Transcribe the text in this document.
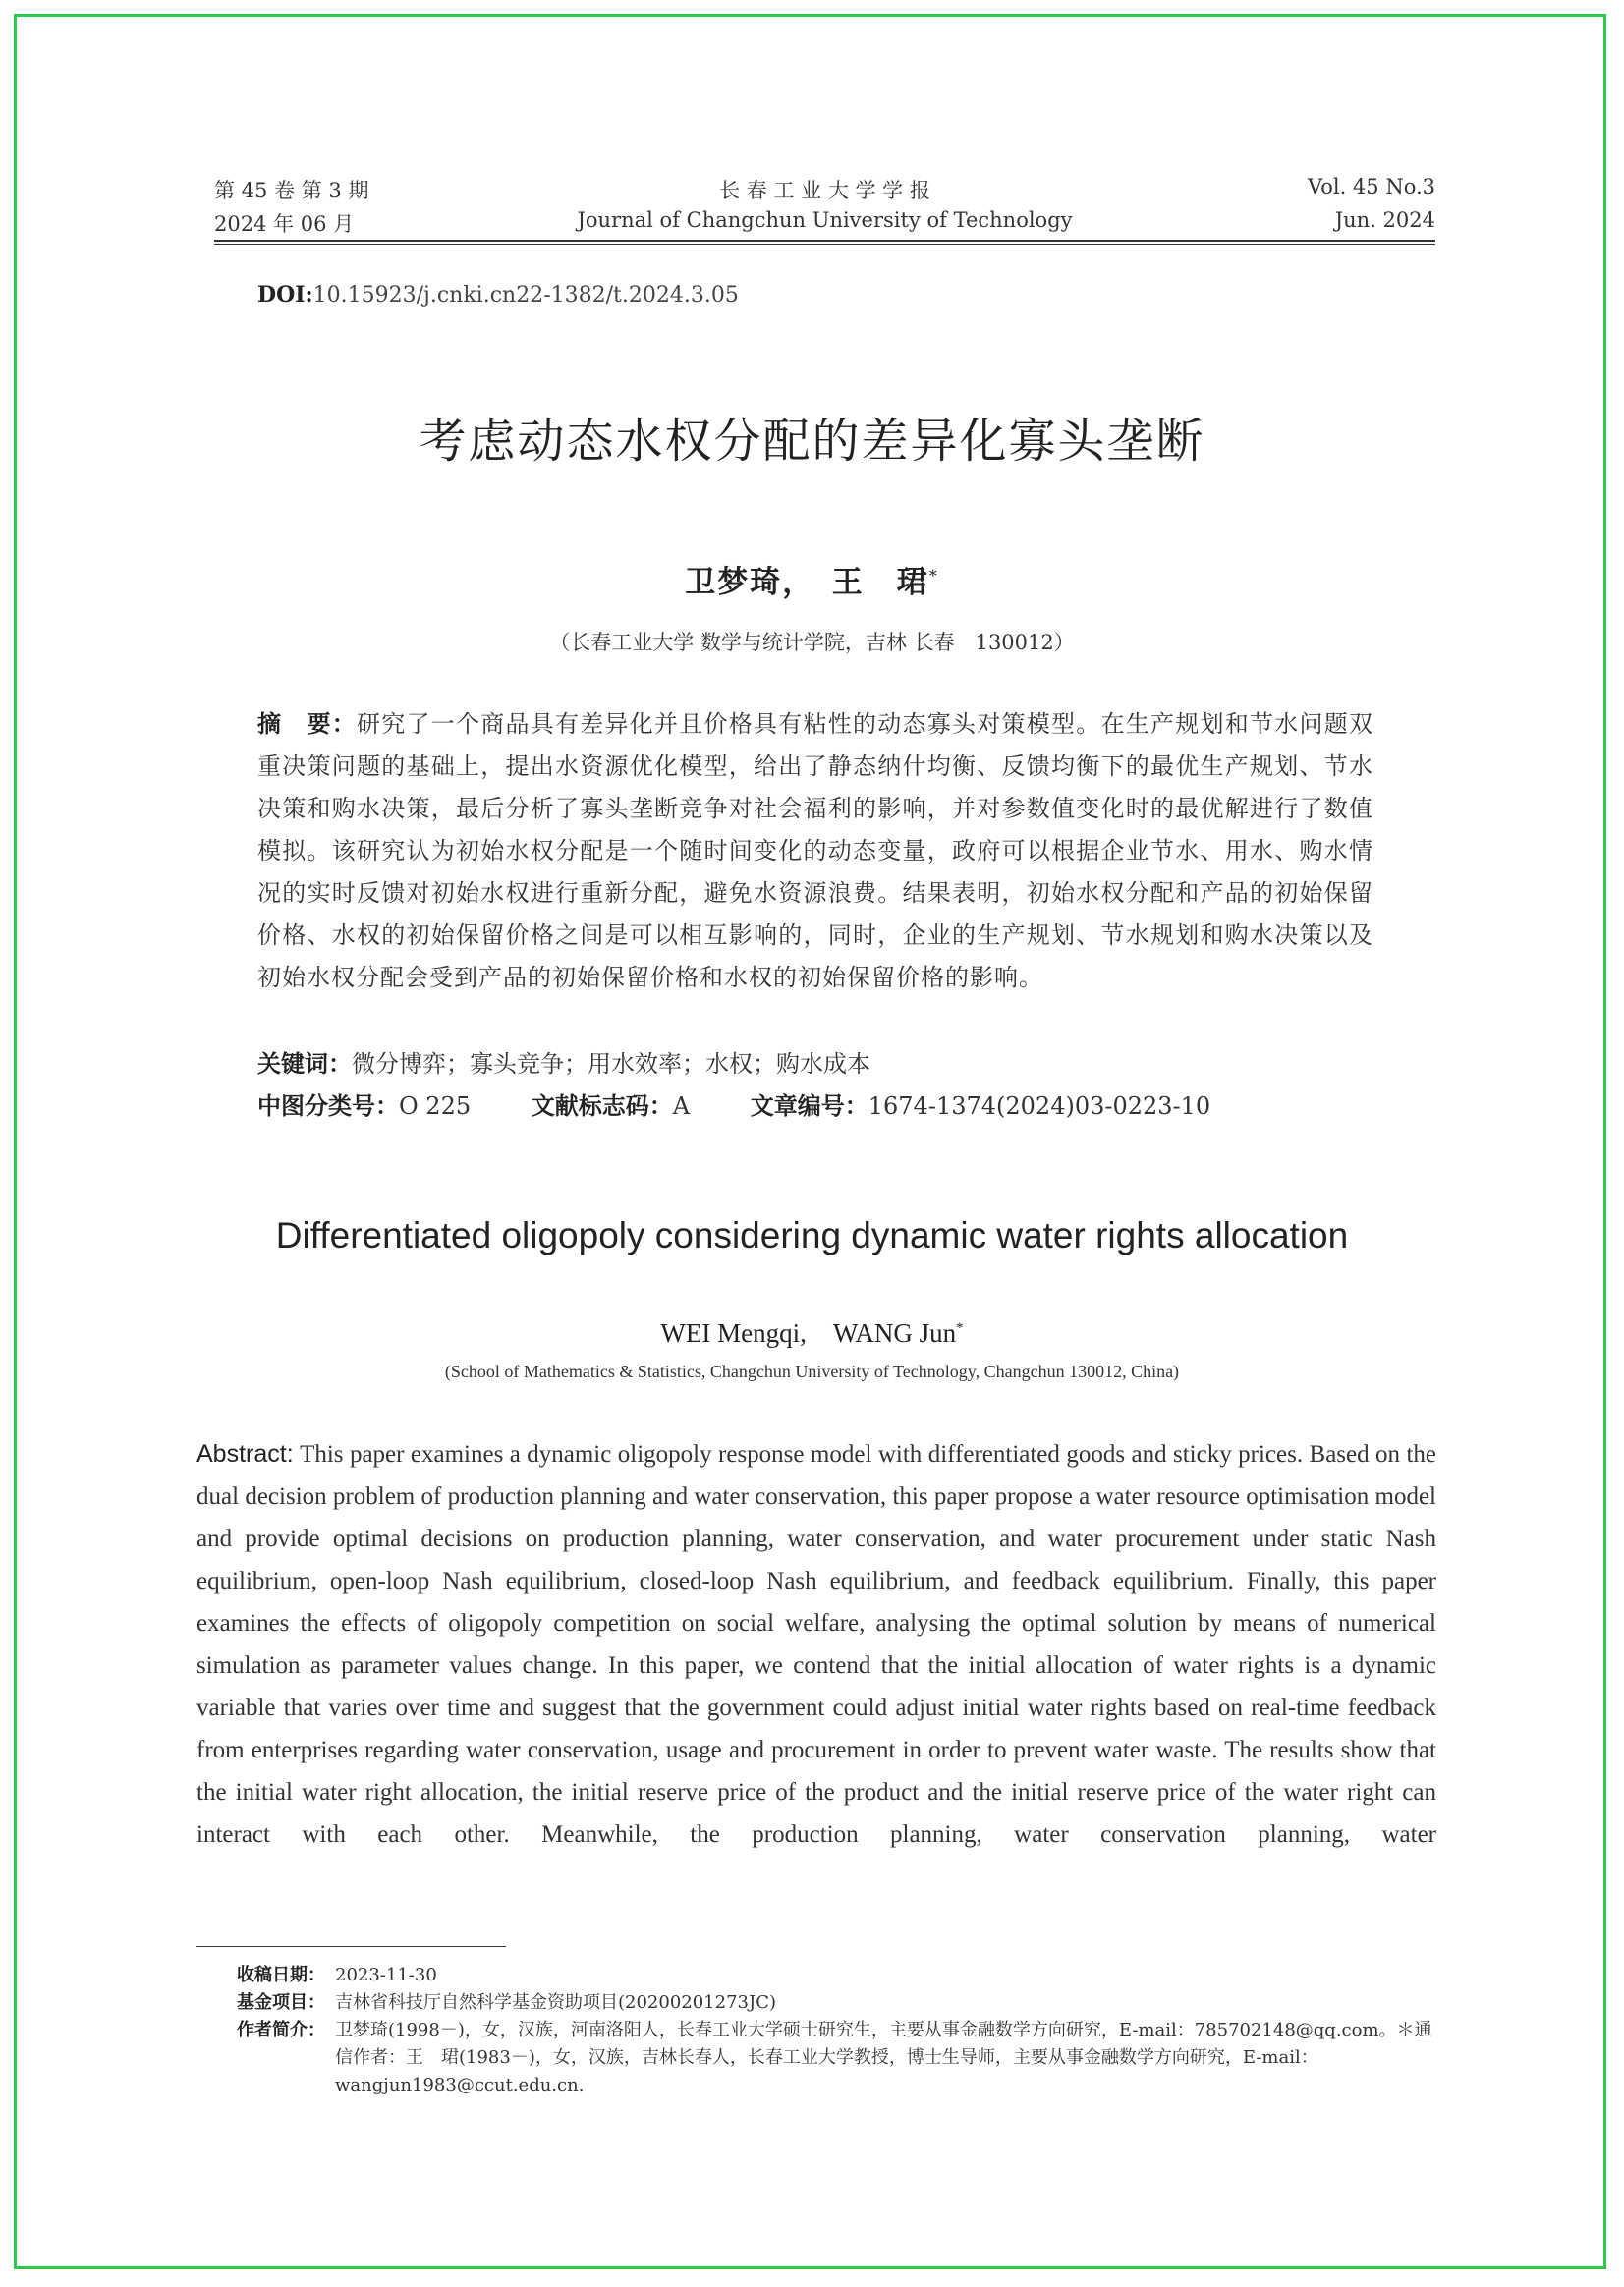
第 45 卷 第 3 期	长 春 工 业 大 学 学 报	Vol. 45 No.3
2024 年 06 月	Journal of Changchun University of Technology	Jun. 2024
DOI:10.15923/j.cnki.cn22-1382/t.2024.3.05
考虑动态水权分配的差异化寡头垄断
卫梦琦，　王　珺*
（长春工业大学 数学与统计学院，吉林 长春　130012）
摘　要：研究了一个商品具有差异化并且价格具有粘性的动态寡头对策模型。在生产规划和节水问题双重决策问题的基础上，提出水资源优化模型，给出了静态纳什均衡、反馈均衡下的最优生产规划、节水决策和购水决策，最后分析了寡头垄断竞争对社会福利的影响，并对参数值变化时的最优解进行了数值模拟。该研究认为初始水权分配是一个随时间变化的动态变量，政府可以根据企业节水、用水、购水情况的实时反馈对初始水权进行重新分配，避免水资源浪费。结果表明，初始水权分配和产品的初始保留价格、水权的初始保留价格之间是可以相互影响的，同时，企业的生产规划、节水规划和购水决策以及初始水权分配会受到产品的初始保留价格和水权的初始保留价格的影响。
关键词：微分博弈；寡头竞争；用水效率；水权；购水成本
中图分类号：O 225	文献标志码：A	文章编号：1674-1374(2024)03-0223-10
Differentiated oligopoly considering dynamic water rights allocation
WEI Mengqi,　WANG Jun*
(School of Mathematics & Statistics, Changchun University of Technology, Changchun 130012, China)
Abstract: This paper examines a dynamic oligopoly response model with differentiated goods and sticky prices. Based on the dual decision problem of production planning and water conservation, this paper propose a water resource optimisation model and provide optimal decisions on production planning, water conservation, and water procurement under static Nash equilibrium, open-loop Nash equilibrium, closed-loop Nash equilibrium, and feedback equilibrium. Finally, this paper examines the effects of oligopoly competition on social welfare, analysing the optimal solution by means of numerical simulation as parameter values change. In this paper, we contend that the initial allocation of water rights is a dynamic variable that varies over time and suggest that the government could adjust initial water rights based on real-time feedback from enterprises regarding water conservation, usage and procurement in order to prevent water waste. The results show that the initial water right allocation, the initial reserve price of the product and the initial reserve price of the water right can interact with each other. Meanwhile, the production planning, water conservation planning, water
收稿日期： 2023-11-30
基金项目： 吉林省科技厅自然科学基金资助项目(20200201273JC)
作者简介： 卫梦琦(1998－)，女，汉族，河南洛阳人，长春工业大学硕士研究生，主要从事金融数学方向研究，E-mail：785702148@qq.com。＊通信作者：王　珺(1983－)，女，汉族，吉林长春人，长春工业大学教授，博士生导师，主要从事金融数学方向研究，E-mail：wangjun1983@ccut.edu.cn.
